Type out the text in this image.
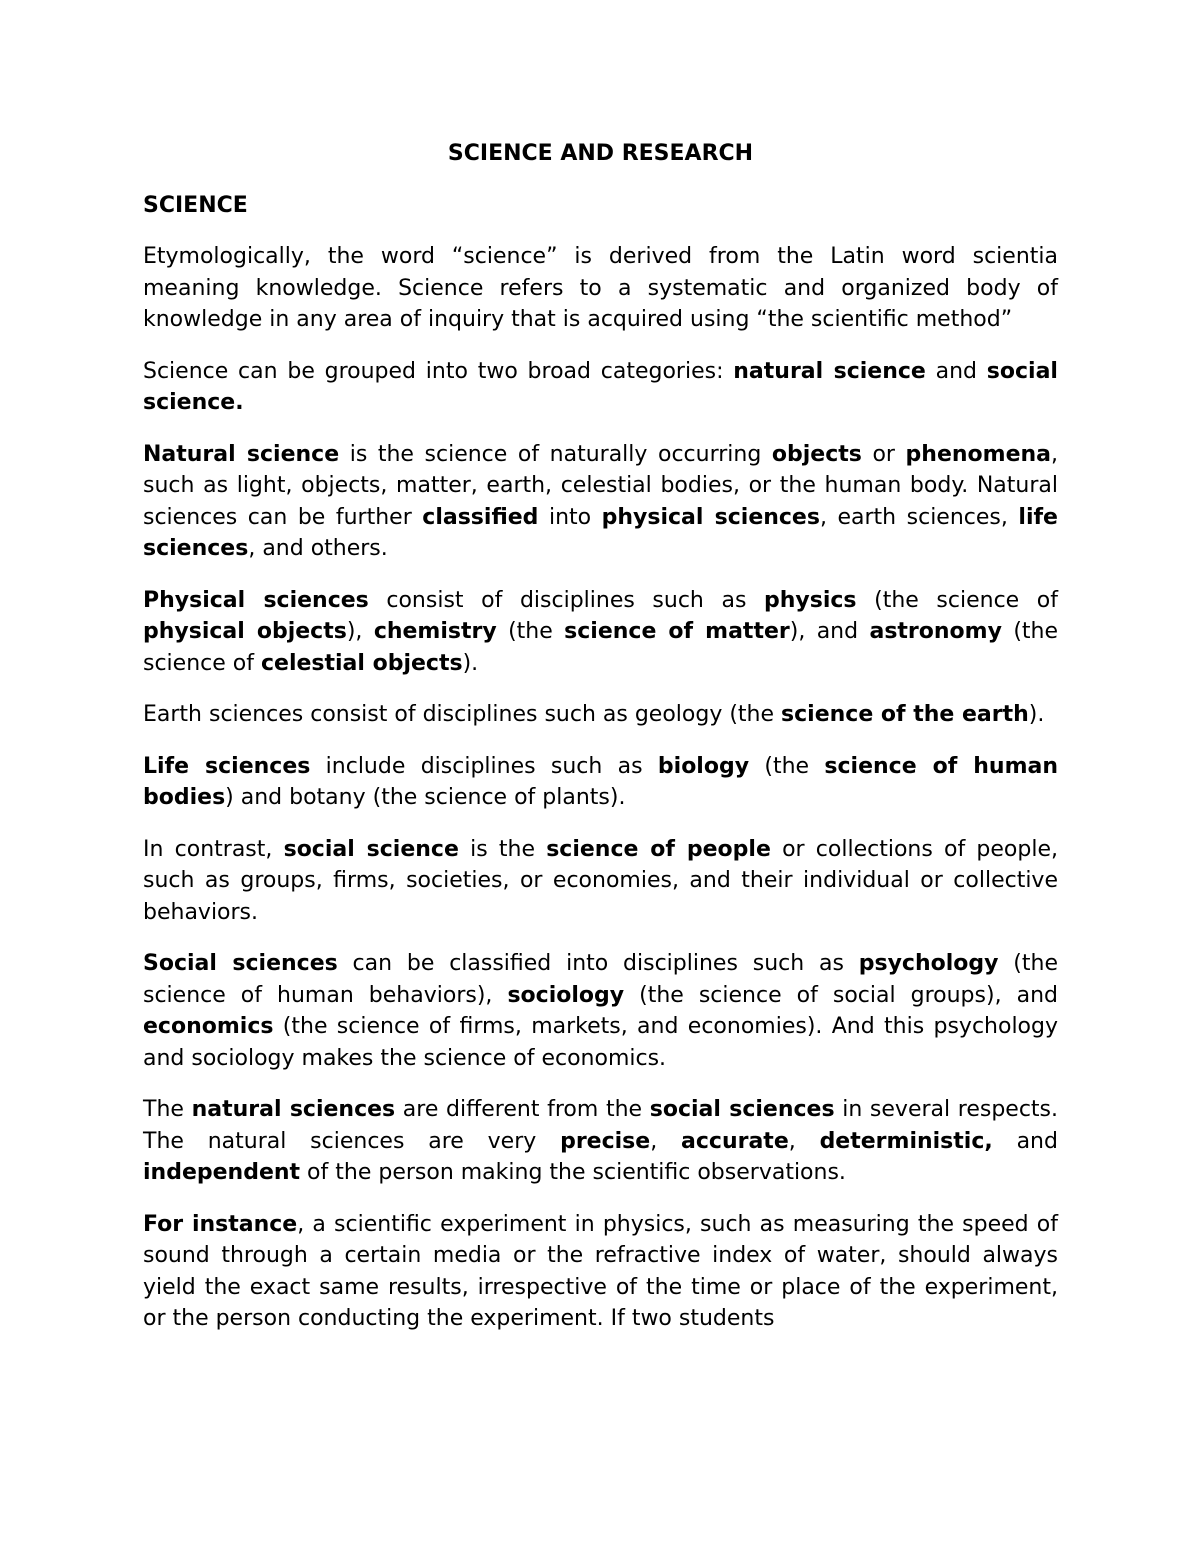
SCIENCE AND RESEARCH
SCIENCE

Etymologically, the word “science” is derived from the Latin word scientia meaning knowledge. Science refers to a systematic and organized body of knowledge in any area of inquiry that is acquired using “the scientific method”

Science can be grouped into two broad categories: natural science and social science.

Natural science is the science of naturally occurring objects or phenomena, such as light, objects, matter, earth, celestial bodies, or the human body. Natural sciences can be further classified into physical sciences, earth sciences, life sciences, and others.

Physical sciences consist of disciplines such as physics (the science of physical objects), chemistry (the science of matter), and astronomy (the science of celestial objects).

Earth sciences consist of disciplines such as geology (the science of the earth).

Life sciences include disciplines such as biology (the science of human bodies) and botany (the science of plants).

In contrast, social science is the science of people or collections of people, such as groups, firms, societies, or economies, and their individual or collective behaviors.

Social sciences can be classified into disciplines such as psychology (the science of human behaviors), sociology (the science of social groups), and economics (the science of firms, markets, and economies). And this psychology and sociology makes the science of economics.

The natural sciences are different from the social sciences in several respects. The natural sciences are very precise, accurate, deterministic, and independent of the person making the scientific observations.

For instance, a scientific experiment in physics, such as measuring the speed of sound through a certain media or the refractive index of water, should always yield the exact same results, irrespective of the time or place of the experiment, or the person conducting the experiment. If two students
